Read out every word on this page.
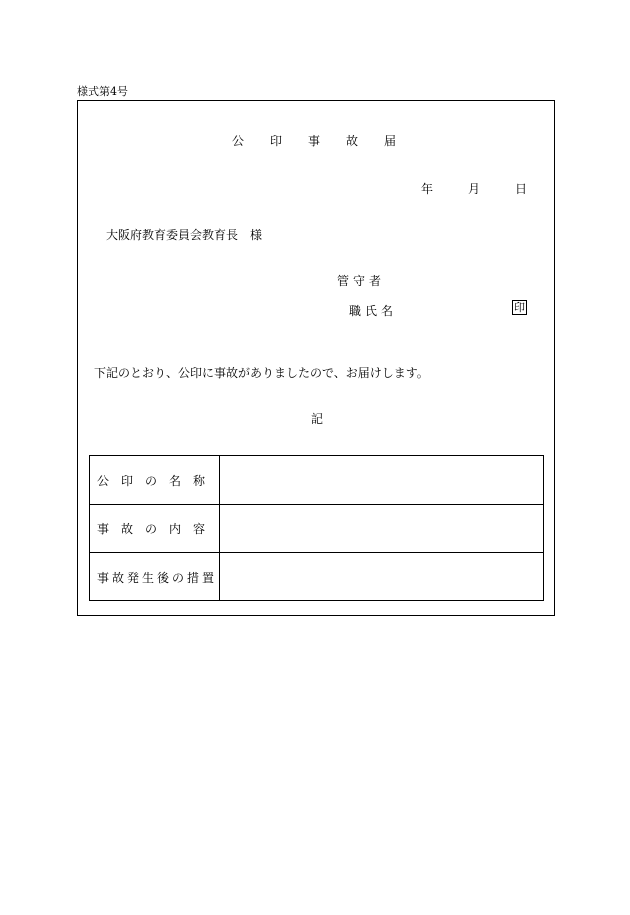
様式第4号
公 印 事 故 届
年	月	日
大阪府教育委員会教育長　様
管守者
職氏名	印
下記のとおり、公印に事故がありましたので、お届けします。
記
公印の名称
事故の内容
事故発生後の措置
